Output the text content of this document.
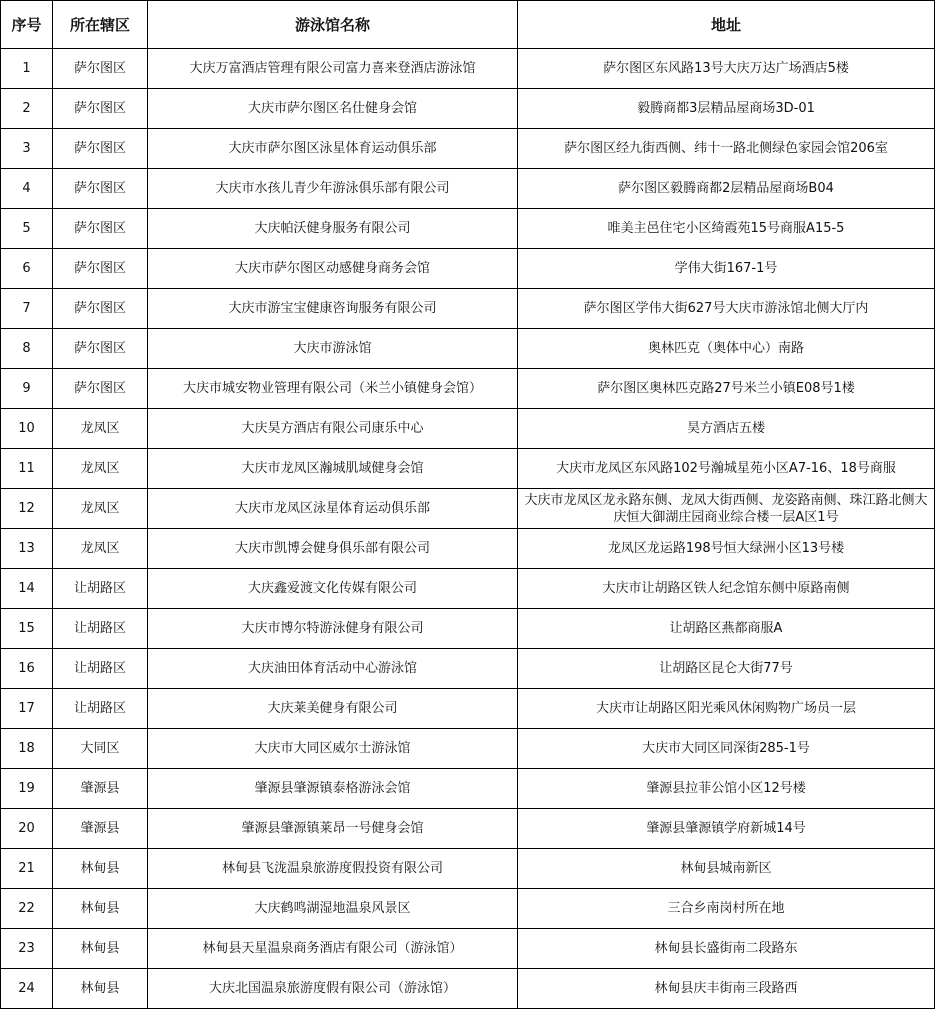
序号	所在辖区	游泳馆名称	地址
1	萨尔图区	大庆万富酒店管理有限公司富力喜来登酒店游泳馆	萨尔图区东风路13号大庆万达广场酒店5楼
2	萨尔图区	大庆市萨尔图区名仕健身会馆	毅腾商都3层精品屋商场3D-01
3	萨尔图区	大庆市萨尔图区泳星体育运动俱乐部	萨尔图区经九街西侧、纬十一路北侧绿色家园会馆206室
4	萨尔图区	大庆市水孩儿青少年游泳俱乐部有限公司	萨尔图区毅腾商都2层精品屋商场B04
5	萨尔图区	大庆帕沃健身服务有限公司	唯美主邑住宅小区绮霞苑15号商服A15-5
6	萨尔图区	大庆市萨尔图区动感健身商务会馆	学伟大街167-1号
7	萨尔图区	大庆市游宝宝健康咨询服务有限公司	萨尔图区学伟大街627号大庆市游泳馆北侧大厅内
8	萨尔图区	大庆市游泳馆	奥林匹克（奥体中心）南路
9	萨尔图区	大庆市城安物业管理有限公司（米兰小镇健身会馆）	萨尔图区奥林匹克路27号米兰小镇E08号1楼
10	龙凤区	大庆昊方酒店有限公司康乐中心	昊方酒店五楼
11	龙凤区	大庆市龙凤区瀚城肌域健身会馆	大庆市龙凤区东风路102号瀚城星苑小区A7-16、18号商服
12	龙凤区	大庆市龙凤区泳星体育运动俱乐部	大庆市龙凤区龙永路东侧、龙凤大街西侧、龙姿路南侧、珠江路北侧大庆恒大御湖庄园商业综合楼一层A区1号
13	龙凤区	大庆市凯博会健身俱乐部有限公司	龙凤区龙运路198号恒大绿洲小区13号楼
14	让胡路区	大庆鑫爱渡文化传媒有限公司	大庆市让胡路区铁人纪念馆东侧中原路南侧
15	让胡路区	大庆市博尔特游泳健身有限公司	让胡路区燕都商服A
16	让胡路区	大庆油田体育活动中心游泳馆	让胡路区昆仑大街77号
17	让胡路区	大庆莱美健身有限公司	大庆市让胡路区阳光乘风休闲购物广场员一层
18	大同区	大庆市大同区威尔士游泳馆	大庆市大同区同深街285-1号
19	肇源县	肇源县肇源镇泰格游泳会馆	肇源县拉菲公馆小区12号楼
20	肇源县	肇源县肇源镇莱昂一号健身会馆	肇源县肇源镇学府新城14号
21	林甸县	林甸县飞泷温泉旅游度假投资有限公司	林甸县城南新区
22	林甸县	大庆鹤鸣湖湿地温泉风景区	三合乡南岗村所在地
23	林甸县	林甸县天星温泉商务酒店有限公司（游泳馆）	林甸县长盛街南二段路东
24	林甸县	大庆北国温泉旅游度假有限公司（游泳馆）	林甸县庆丰街南三段路西
